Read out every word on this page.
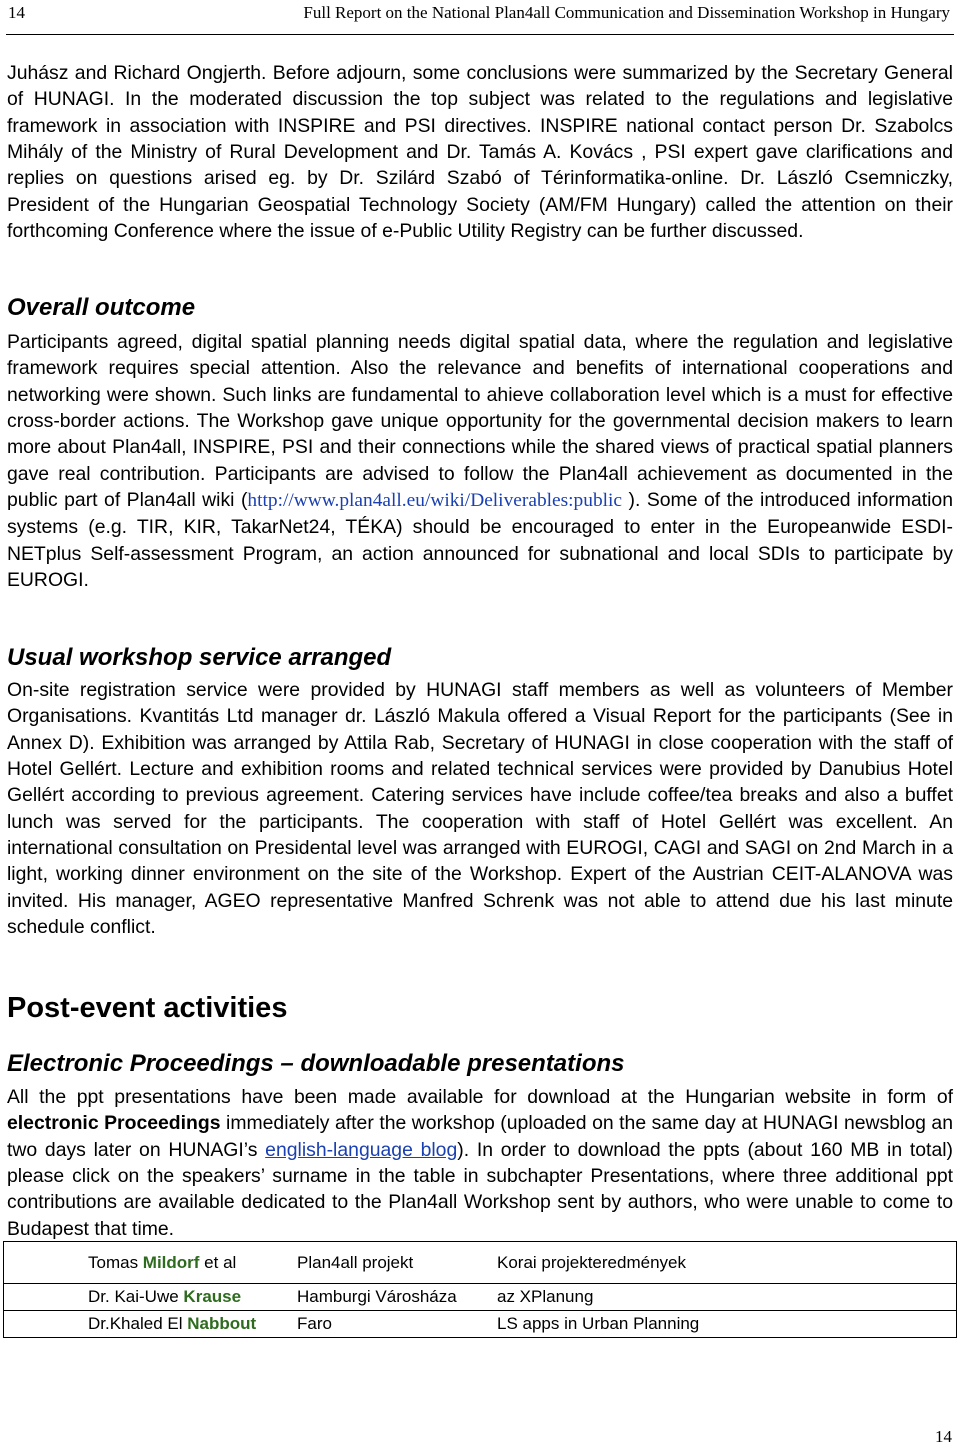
14	Full Report on the National Plan4all Communication and Dissemination Workshop in Hungary

Juhász and Richard Ongjerth. Before adjourn, some conclusions were summarized by the Secretary General of HUNAGI. In the moderated discussion the top subject was related to the regulations and legislative framework in association with INSPIRE and PSI directives. INSPIRE national contact person Dr. Szabolcs Mihály of the Ministry of Rural Development and Dr. Tamás A. Kovács , PSI expert gave clarifications and replies on questions arised eg. by Dr. Szilárd Szabó of Térinformatika-online. Dr. László Csemniczky, President of the Hungarian Geospatial Technology Society (AM/FM Hungary) called the attention on their forthcoming Conference where the issue of e-Public Utility Registry can be further discussed.

Overall outcome

Participants agreed, digital spatial planning needs digital spatial data, where the regulation and legislative framework requires special attention. Also the relevance and benefits of international cooperations and networking were shown. Such links are fundamental to ahieve collaboration level which is a must for effective cross-border actions. The Workshop gave unique opportunity for the governmental decision makers to learn more about Plan4all, INSPIRE, PSI and their connections while the shared views of practical spatial planners gave real contribution. Participants are advised to follow the Plan4all achievement as documented in the public part of Plan4all wiki (http://www.plan4all.eu/wiki/Deliverables:public ). Some of the introduced information systems (e.g. TIR, KIR, TakarNet24, TÉKA) should be encouraged to enter in the Europeanwide ESDI-NETplus Self-assessment Program, an action announced for subnational and local SDIs to participate by EUROGI.

Usual workshop service arranged

On-site registration service were provided by HUNAGI staff members as well as volunteers of Member Organisations. Kvantitás Ltd manager dr. László Makula offered a Visual Report for the participants (See in Annex D). Exhibition was arranged by Attila Rab, Secretary of HUNAGI in close cooperation with the staff of Hotel Gellért. Lecture and exhibition rooms and related technical services were provided by Danubius Hotel Gellért according to previous agreement. Catering services have include coffee/tea breaks and also a buffet lunch was served for the participants. The cooperation with staff of Hotel Gellért was excellent. An international consultation on Presidental level was arranged with EUROGI, CAGI and SAGI on 2nd March in a light, working dinner environment on the site of the Workshop. Expert of the Austrian CEIT-ALANOVA was invited. His manager, AGEO representative Manfred Schrenk was not able to attend due his last minute schedule conflict.

Post-event activities
Electronic Proceedings – downloadable presentations

All the ppt presentations have been made available for download at the Hungarian website in form of electronic Proceedings immediately after the workshop (uploaded on the same day at HUNAGI newsblog an two days later on HUNAGI’s english-language blog). In order to download the ppts (about 160 MB in total) please click on the speakers’ surname in the table in subchapter Presentations, where three additional ppt contributions are available dedicated to the Plan4all Workshop sent by authors, who were unable to come to Budapest that time.

Tomas Mildorf et al	Plan4all projekt	Korai projekteredmények
Dr. Kai-Uwe Krause	Hamburgi Városháza	az XPlanung
Dr.Khaled El Nabbout	Faro	LS apps in Urban Planning
14
